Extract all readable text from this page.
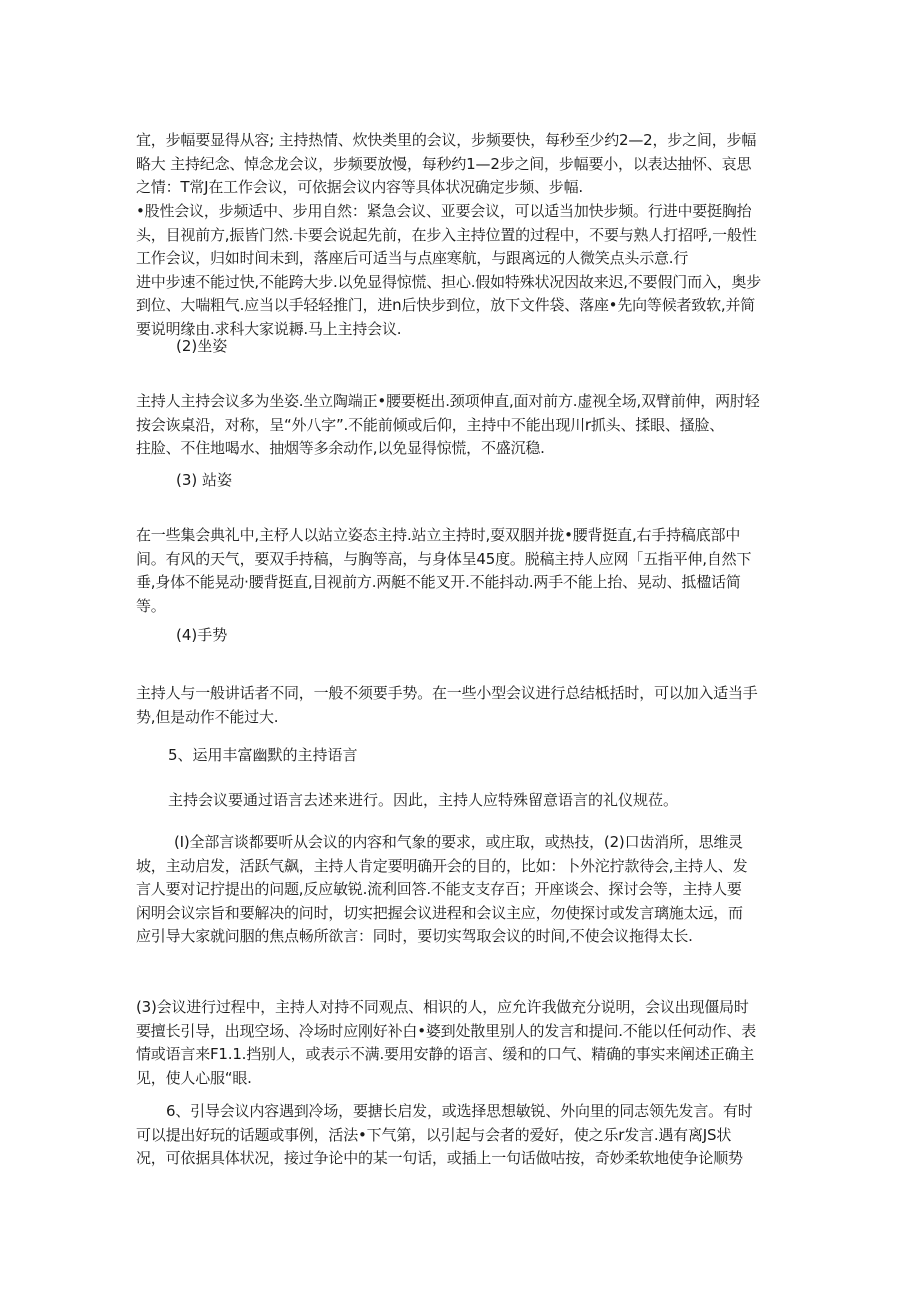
宜，步幅要显得从容; 主持热情、炊快类里的会议，步频要快，每秒至少约2—2，步之间，步幅
略大 主持纪念、悼念龙会议，步频要放慢，每秒约1—2步之间，步幅要小，以表达抽怀、哀思
之情：T常J在工作会议，可依据会议内容等具体状况确定步频、步幅.
•股性会议，步频适中、步用自然：紧急会议、亚要会议，可以适当加快步频。行进中要挺胸抬
头，目视前方,振皆门然.卡要会说起先前，在步入主持位置的过程中，不要与熟人打招呼,一般性
工作会议，归如时间未到，落座后可适当与点座寒航，与跟离远的人微笑点头示意.行
进中步速不能过快,不能跨大步.以免显得惊慌、担心.假如特殊状况因故来迟,不要假门而入，奥步
到位、大喘粗气.应当以手轻轻推门，进n后快步到位，放下文件袋、落座•先向等候者致软,并简
要说明缘由.求科大家说耨.马上主持会议.
(2)坐姿
主持人主持会议多为坐姿.坐立陶端正•腰要梃出.颈项伸直,面对前方.虚视全场,双臂前伸，两肘轻
按会诙桌沿，对称，呈“外八字”.不能前倾或后仰，主持中不能出现川r抓头、揉眼、搔脸、
拄脸、不住地喝水、抽烟等多余动作,以免显得惊慌，不盛沉稳.
(3) 站姿
在一些集会典礼中,主杼人以站立姿态主持.站立主持时,耍双胭并拢•腰背挺直,右手持稿底部中
间。有风的天气，要双手持稿，与胸等高，与身体呈45度。脱稿主持人应网「五指平伸,自然下
垂,身体不能晃动·腰背挺直,目视前方.两艇不能叉开.不能抖动.两手不能上抬、晃动、抵楹话简
等。
(4)手势
主持人与一般讲话者不同，一般不须要手势。在一些小型会议进行总结柢括时，可以加入适当手
势,但是动作不能过大.
5、运用丰富幽默的主持语言
主持会议要通过语言去述来进行。因此，主持人应特殊留意语言的礼仪规莅。
(I)全部言谈都要听从会议的内容和气象的要求，或庄取，或热技，(2)口齿消所，思维灵
坡，主动启发，活跃气飙，主持人肯定要明确开会的目的，比如：卜外沱拧款待会,主持人、发
言人要对记拧提出的问题,反应敏锐.流利回答.不能支支存百；开座谈会、探讨会等，主持人要
闲明会议宗旨和要解决的问时，切实把握会议进程和会议主应，勿使探讨或发言璃施太远，而
应引导大家就问胭的焦点畅所欲言：同时，要切实驾取会议的时间,不使会议拖得太长.
(3)会议进行过程中，主持人对持不同观点、相识的人，应允许我做充分说明，会议出现僵局时
要擅长引导，出现空场、冷场时应刚好补白•婆到处散里别人的发言和提问.不能以任何动作、表
情或语言来F1.1.挡别人，或表示不满.要用安静的语言、缓和的口气、精确的事实来阐述正确主
见，使人心服“眼.
6、引导会议内容遇到冷场，要搪长启发，或选择思想敏锐、外向里的同志领先发言。有时
可以提出好玩的话题或事例，活法•下气第，以引起与会者的爱好，使之乐r发言.遇有离JS状
况，可依据具体状况，接过争论中的某一句话，或插上一句话做咕按，奇妙柔软地使争论顺势
